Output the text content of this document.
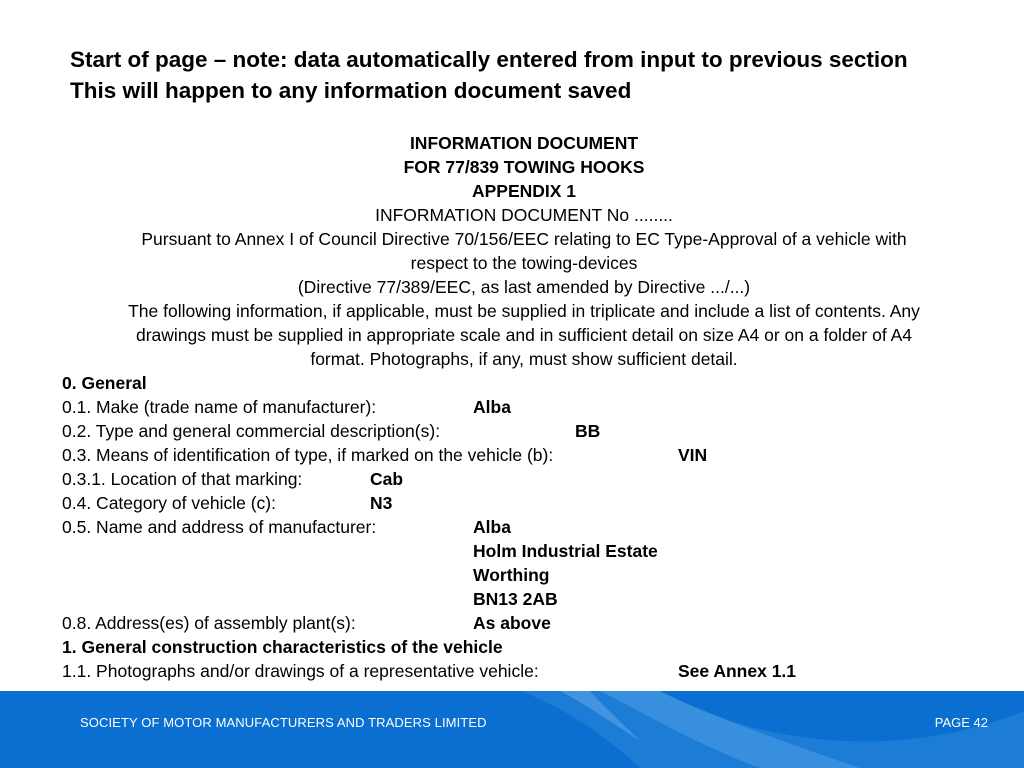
Start of page – note: data automatically entered from input to previous section
This will happen to any information document saved
INFORMATION DOCUMENT
FOR 77/839 TOWING HOOKS
APPENDIX 1
INFORMATION DOCUMENT No ........
Pursuant to Annex I of Council Directive 70/156/EEC relating to EC Type-Approval of a vehicle with
respect to the towing-devices
(Directive 77/389/EEC, as last amended by Directive .../...)
The following information, if applicable, must be supplied in triplicate and include a list of contents. Any
drawings must be supplied in appropriate scale and in sufficient detail on size A4 or on a folder of A4
format. Photographs, if any, must show sufficient detail.
0. General
0.1. Make (trade name of manufacturer):	Alba
0.2. Type and general commercial description(s):	BB
0.3. Means of identification of type, if marked on the vehicle (b):	VIN
0.3.1. Location of that marking:	Cab
0.4. Category of vehicle (c):	N3
0.5. Name and address of manufacturer:	Alba
Holm Industrial Estate
Worthing
BN13 2AB
0.8. Address(es) of assembly plant(s):	As above
1. General construction characteristics of the vehicle
1.1. Photographs and/or drawings of a representative vehicle:	See Annex 1.1
SOCIETY OF MOTOR MANUFACTURERS AND TRADERS LIMITED	PAGE 42
